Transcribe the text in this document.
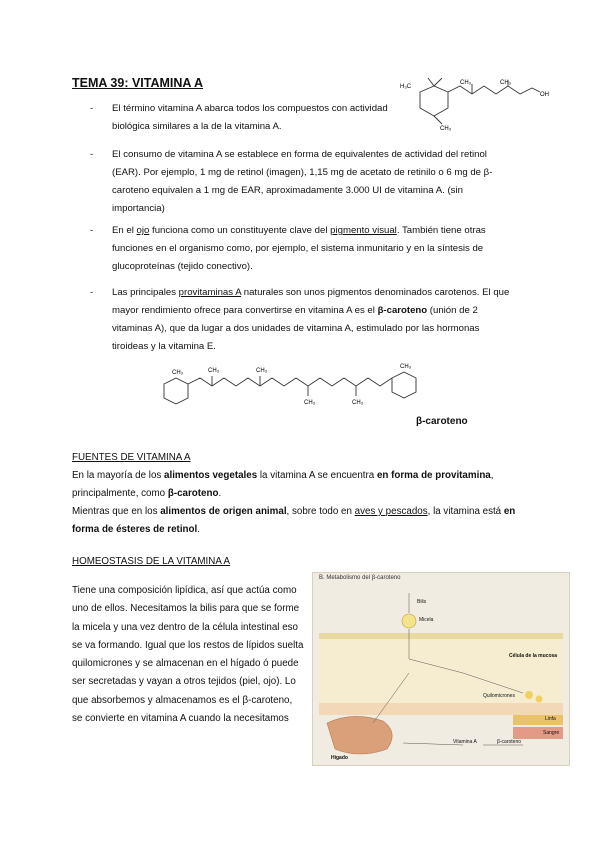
TEMA 39: VITAMINA A	H₃C
CH₃	CH₃
CH₃
OH
- El término vitamina A abarca todos los compuestos con actividad biológica similares a la de la vitamina A.
- El consumo de vitamina A se establece en forma de equivalentes de actividad del retinol (EAR). Por ejemplo, 1 mg de retinol (imagen), 1,15 mg de acetato de retinilo o 6 mg de β-caroteno equivalen a 1 mg de EAR, aproximadamente 3.000 UI de vitamina A. (sin importancia)
- En el ojo funciona como un constituyente clave del pigmento visual. También tiene otras funciones en el organismo como, por ejemplo, el sistema inmunitario y en la síntesis de glucoproteínas (tejido conectivo).
- Las principales provitaminas A naturales son unos pigmentos denominados carotenos. El que mayor rendimiento ofrece para convertirse en vitamina A es el β-caroteno (unión de 2 vitaminas A), que da lugar a dos unidades de vitamina A, estimulado por las hormonas tiroideas y la vitamina E.
CH₃	CH₃	CH₃
CH₃	CH₃
CH₃
β-caroteno
FUENTES DE VITAMINA A
En la mayoría de los alimentos vegetales la vitamina A se encuentra en forma de provitamina, principalmente, como β-caroteno.
Mientras que en los alimentos de origen animal, sobre todo en aves y pescados, la vitamina está en forma de ésteres de retinol.
HOMEOSTASIS DE LA VITAMINA A
Tiene una composición lipídica, así que actúa como uno de ellos. Necesitamos la bilis para que se forme la micela y una vez dentro de la célula intestinal eso se va formando. Igual que los restos de lípidos suelta quilomicrones y se almacenan en el hígado ó puede ser secretadas y vayan a otros tejidos (piel, ojo). Lo que absorbemos y almacenamos es el β-caroteno, se convierte en vitamina A cuando la necesitamos
B. Metabolismo del β-caroteno
Bilis
Micela
Célula de la mucosa
Vitamina A	β-caroteno
Quilomicrones
Linfa
Sangre
Hígado
